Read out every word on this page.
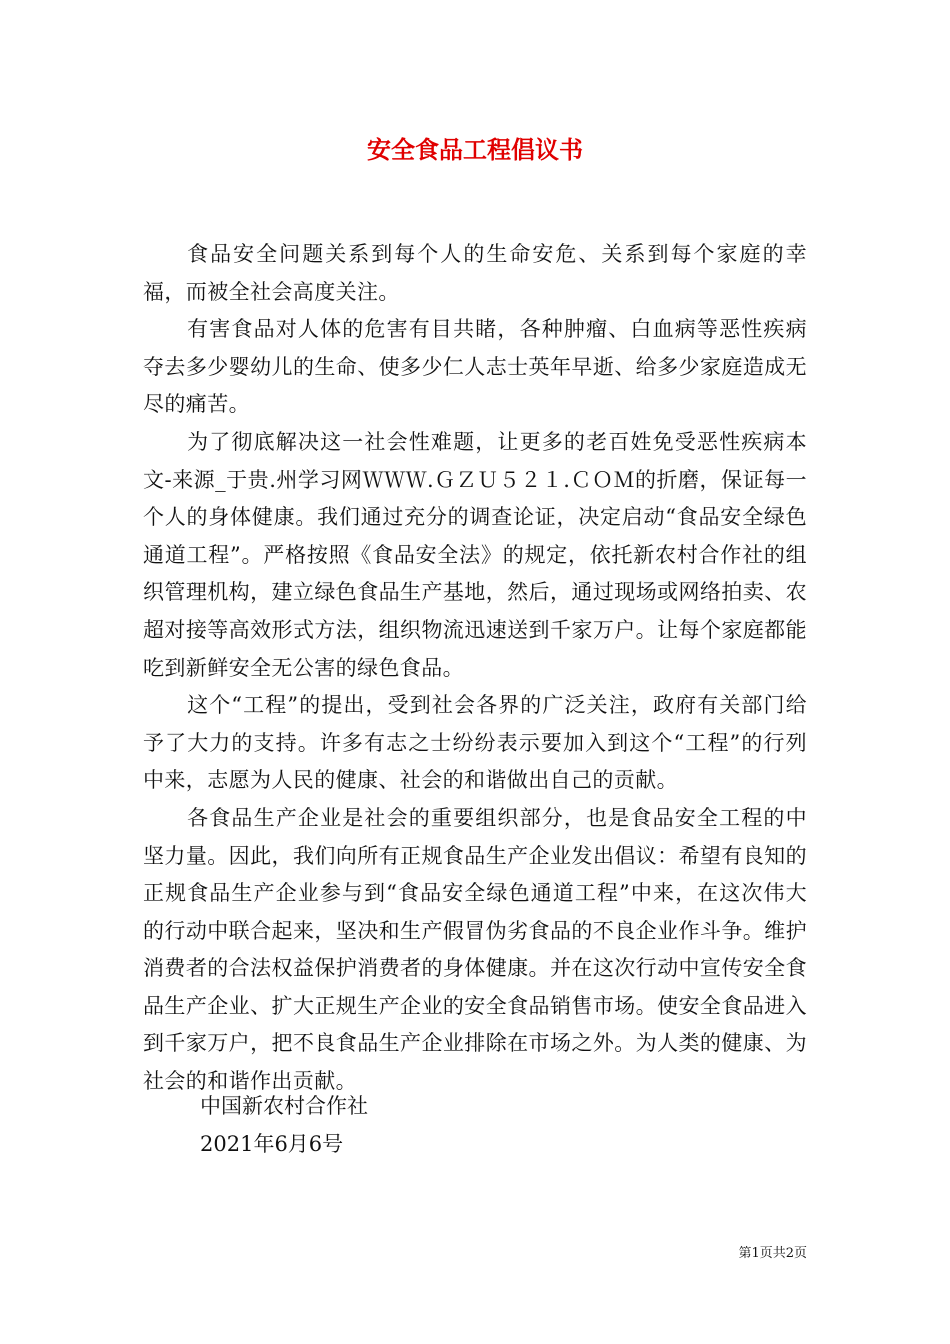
安全食品工程倡议书

食品安全问题关系到每个人的生命安危、关系到每个家庭的幸福，而被全社会高度关注。

有害食品对人体的危害有目共睹，各种肿瘤、白血病等恶性疾病夺去多少婴幼儿的生命、使多少仁人志士英年早逝、给多少家庭造成无尽的痛苦。

为了彻底解决这一社会性难题，让更多的老百姓免受恶性疾病本文-来源_于贵.州学习网ＷＷＷ.ＧＺＵ５２１.ＣＯＭ的折磨，保证每一个人的身体健康。我们通过充分的调查论证，决定启动“食品安全绿色通道工程”。严格按照《食品安全法》的规定，依托新农村合作社的组织管理机构，建立绿色食品生产基地，然后，通过现场或网络拍卖、农超对接等高效形式方法，组织物流迅速送到千家万户。让每个家庭都能吃到新鲜安全无公害的绿色食品。

这个“工程”的提出，受到社会各界的广泛关注，政府有关部门给予了大力的支持。许多有志之士纷纷表示要加入到这个“工程”的行列中来，志愿为人民的健康、社会的和谐做出自己的贡献。

各食品生产企业是社会的重要组织部分，也是食品安全工程的中坚力量。因此，我们向所有正规食品生产企业发出倡议：希望有良知的正规食品生产企业参与到“食品安全绿色通道工程”中来，在这次伟大的行动中联合起来，坚决和生产假冒伪劣食品的不良企业作斗争。维护消费者的合法权益保护消费者的身体健康。并在这次行动中宣传安全食品生产企业、扩大正规生产企业的安全食品销售市场。使安全食品进入到千家万户，把不良食品生产企业排除在市场之外。为人类的健康、为社会的和谐作出贡献。

中国新农村合作社
2021年6月6号
第1页共2页
